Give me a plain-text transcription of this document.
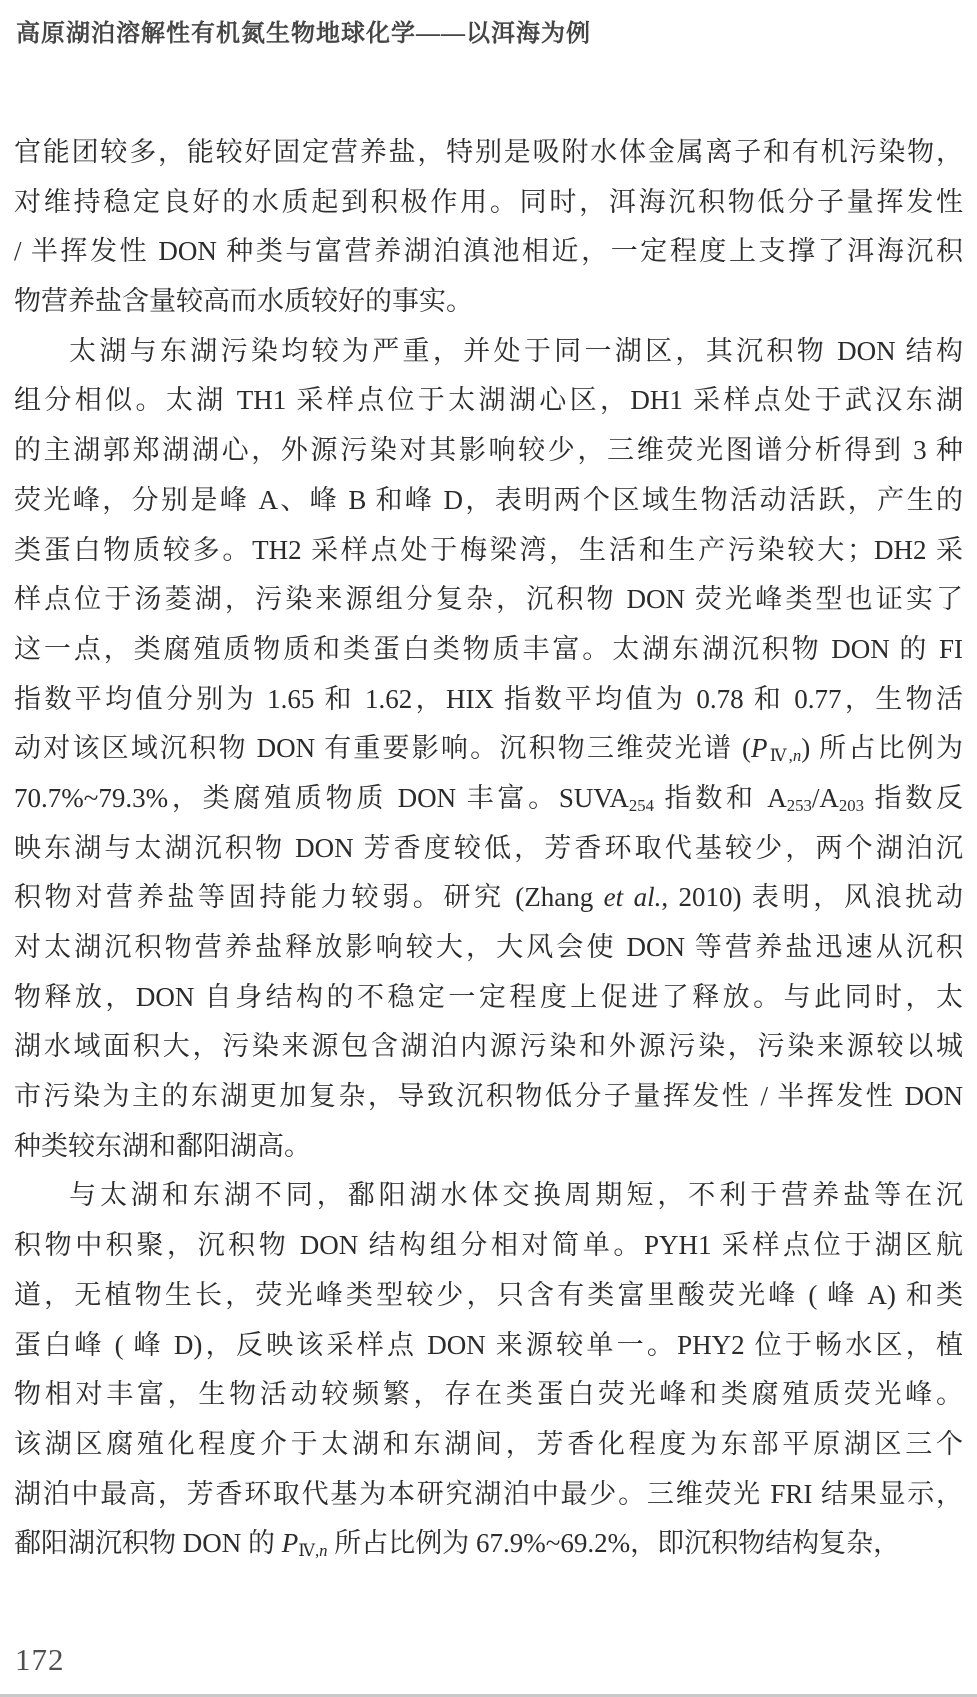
高原湖泊溶解性有机氮生物地球化学——以洱海为例
官能团较多，能较好固定营养盐，特别是吸附水体金属离子和有机污染物，
对维持稳定良好的水质起到积极作用。同时，洱海沉积物低分子量挥发性
/ 半挥发性 DON 种类与富营养湖泊滇池相近，一定程度上支撑了洱海沉积
物营养盐含量较高而水质较好的事实。
太湖与东湖污染均较为严重，并处于同一湖区，其沉积物 DON 结构
组分相似。太湖 TH1 采样点位于太湖湖心区，DH1 采样点处于武汉东湖
的主湖郭郑湖湖心，外源污染对其影响较少，三维荧光图谱分析得到 3 种
荧光峰，分别是峰 A、峰 B 和峰 D，表明两个区域生物活动活跃，产生的
类蛋白物质较多。TH2 采样点处于梅梁湾，生活和生产污染较大；DH2 采
样点位于汤菱湖，污染来源组分复杂，沉积物 DON 荧光峰类型也证实了
这一点，类腐殖质物质和类蛋白类物质丰富。太湖东湖沉积物 DON 的 FI
指数平均值分别为 1.65 和 1.62，HIX 指数平均值为 0.78 和 0.77，生物活
动对该区域沉积物 DON 有重要影响。沉积物三维荧光谱 $(P_{Ⅳ,n})$ 所占比例为
70.7%~79.3%，类腐殖质物质 DON 丰富。$SUVA_{254}$ 指数和 $A_{253}/A_{203}$ 指数反
映东湖与太湖沉积物 DON 芳香度较低，芳香环取代基较少，两个湖泊沉
积物对营养盐等固持能力较弱。研究 (Zhang et al., 2010) 表明，风浪扰动
对太湖沉积物营养盐释放影响较大，大风会使 DON 等营养盐迅速从沉积
物释放，DON 自身结构的不稳定一定程度上促进了释放。与此同时，太
湖水域面积大，污染来源包含湖泊内源污染和外源污染，污染来源较以城
市污染为主的东湖更加复杂，导致沉积物低分子量挥发性 / 半挥发性 DON
种类较东湖和鄱阳湖高。
与太湖和东湖不同，鄱阳湖水体交换周期短，不利于营养盐等在沉
积物中积聚，沉积物 DON 结构组分相对简单。PYH1 采样点位于湖区航
道，无植物生长，荧光峰类型较少，只含有类富里酸荧光峰 ( 峰 A) 和类
蛋白峰 ( 峰 D)，反映该采样点 DON 来源较单一。PHY2 位于畅水区，植
物相对丰富，生物活动较频繁，存在类蛋白荧光峰和类腐殖质荧光峰。
该湖区腐殖化程度介于太湖和东湖间，芳香化程度为东部平原湖区三个
湖泊中最高，芳香环取代基为本研究湖泊中最少。三维荧光 FRI 结果显示，
鄱阳湖沉积物 DON 的 $P_{Ⅳ,n}$ 所占比例为 67.9%~69.2%，即沉积物结构复杂，
172
